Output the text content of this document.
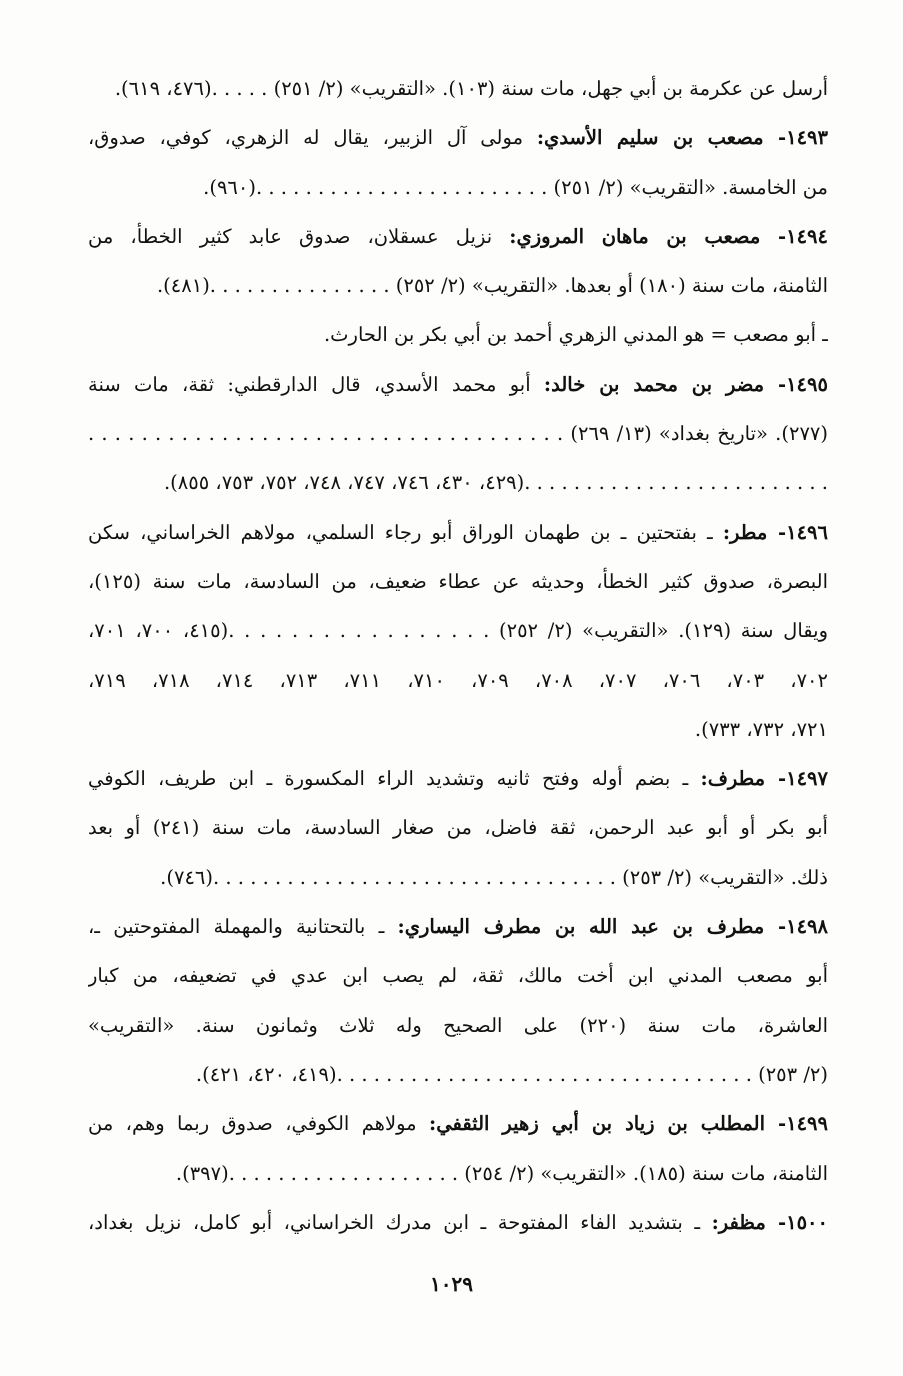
أرسل عن عكرمة بن أبي جهل، مات سنة (١٠٣). «التقريب» (٢/ ٢٥١) . . . . .(٤٧٦، ٦١٩).
١٤٩٣- مصعب بن سليم الأسدي: مولى آل الزبير، يقال له الزهري، كوفي، صدوق،
من الخامسة. «التقريب» (٢/ ٢٥١) . . . . . . . . . . . . . . . . . . . . . . . .(٩٦٠).
١٤٩٤- مصعب بن ماهان المروزي: نزيل عسقلان، صدوق عابد كثير الخطأ، من
الثامنة، مات سنة (١٨٠) أو بعدها. «التقريب» (٢/ ٢٥٢) . . . . . . . . . . . . . . .(٤٨١).
ـ أبو مصعب = هو المدني الزهري أحمد بن أبي بكر بن الحارث.
١٤٩٥- مضر بن محمد بن خالد: أبو محمد الأسدي، قال الدارقطني: ثقة، مات سنة
(٢٧٧). «تاريخ بغداد» (١٣/ ٢٦٩) . . . . . . . . . . . . . . . . . . . . . . . . . . . . . . . . . . . .
. . . . . . . . . . . . . . . . . . . . . . . . .(٤٢٩، ٤٣٠، ٧٤٦، ٧٤٧، ٧٤٨، ٧٥٢، ٧٥٣، ٨٥٥).
١٤٩٦- مطر: ـ بفتحتين ـ بن طهمان الوراق أبو رجاء السلمي، مولاهم الخراساني، سكن
البصرة، صدوق كثير الخطأ، وحديثه عن عطاء ضعيف، من السادسة، مات سنة (١٢٥)،
ويقال سنة (١٢٩). «التقريب» (٢/ ٢٥٢) . . . . . . . . . . . . . . . . .(٤١٥، ٧٠٠، ٧٠١،
٧٠٢، ٧٠٣، ٧٠٦، ٧٠٧، ٧٠٨، ٧٠٩، ٧١٠، ٧١١، ٧١٣، ٧١٤، ٧١٨، ٧١٩،
٧٢١، ٧٣٢، ٧٣٣).
١٤٩٧- مطرف: ـ بضم أوله وفتح ثانيه وتشديد الراء المكسورة ـ ابن طريف، الكوفي
أبو بكر أو أبو عبد الرحمن، ثقة فاضل، من صغار السادسة، مات سنة (٢٤١) أو بعد
ذلك. «التقريب» (٢/ ٢٥٣) . . . . . . . . . . . . . . . . . . . . . . . . . . . . . . . . .(٧٤٦).
١٤٩٨- مطرف بن عبد الله بن مطرف اليساري: ـ بالتحتانية والمهملة المفتوحتين ـ،
أبو مصعب المدني ابن أخت مالك، ثقة، لم يصب ابن عدي في تضعيفه، من كبار
العاشرة، مات سنة (٢٢٠) على الصحيح وله ثلاث وثمانون سنة. «التقريب»
(٢/ ٢٥٣) . . . . . . . . . . . . . . . . . . . . . . . . . . . . . . . . . .(٤١٩، ٤٢٠، ٤٢١).
١٤٩٩- المطلب بن زياد بن أبي زهير الثقفي: مولاهم الكوفي، صدوق ربما وهم، من
الثامنة، مات سنة (١٨٥). «التقريب» (٢/ ٢٥٤) . . . . . . . . . . . . . . . . . . .(٣٩٧).
١٥٠٠- مظفر: ـ بتشديد الفاء المفتوحة ـ ابن مدرك الخراساني، أبو كامل، نزيل بغداد،
١٠٢٩
